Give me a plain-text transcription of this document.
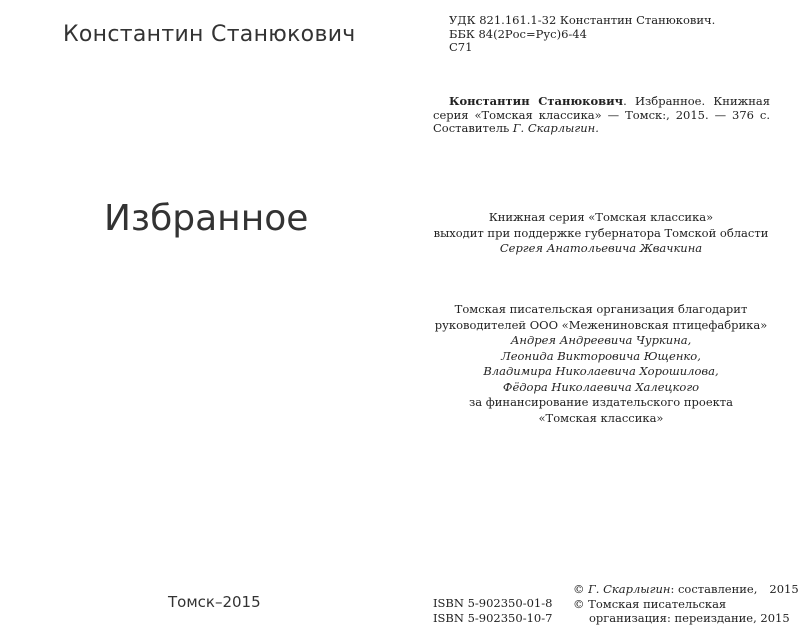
Константин Станюкович
Избранное
Томск–2015
УДК 821.161.1-32 Константин Станюкович.
ББК 84(2Рос=Рус)6-44
С71
Константин Станюкович. Избранное. Книжная серия «Томская классика» — Томск:, 2015. — 376 с. Составитель Г. Скарлыгин.
Книжная серия «Томская классика»
выходит при поддержке губернатора Томской области
Сергея Анатольевича Жвачкина
Томская писательская организация благодарит
руководителей ООО «Межениновская птицефабрика»
Андрея Андреевича Чуркина,
Леонида Викторовича Ющенко,
Владимира Николаевича Хорошилова,
Фёдора Николаевича Халецкого
за финансирование издательского проекта
«Томская классика»
ISBN 5-902350-01-8
ISBN 5-902350-10-7
© Г. Скарлыгин: составление, 2015
© Томская писательская
организация: переиздание, 2015
